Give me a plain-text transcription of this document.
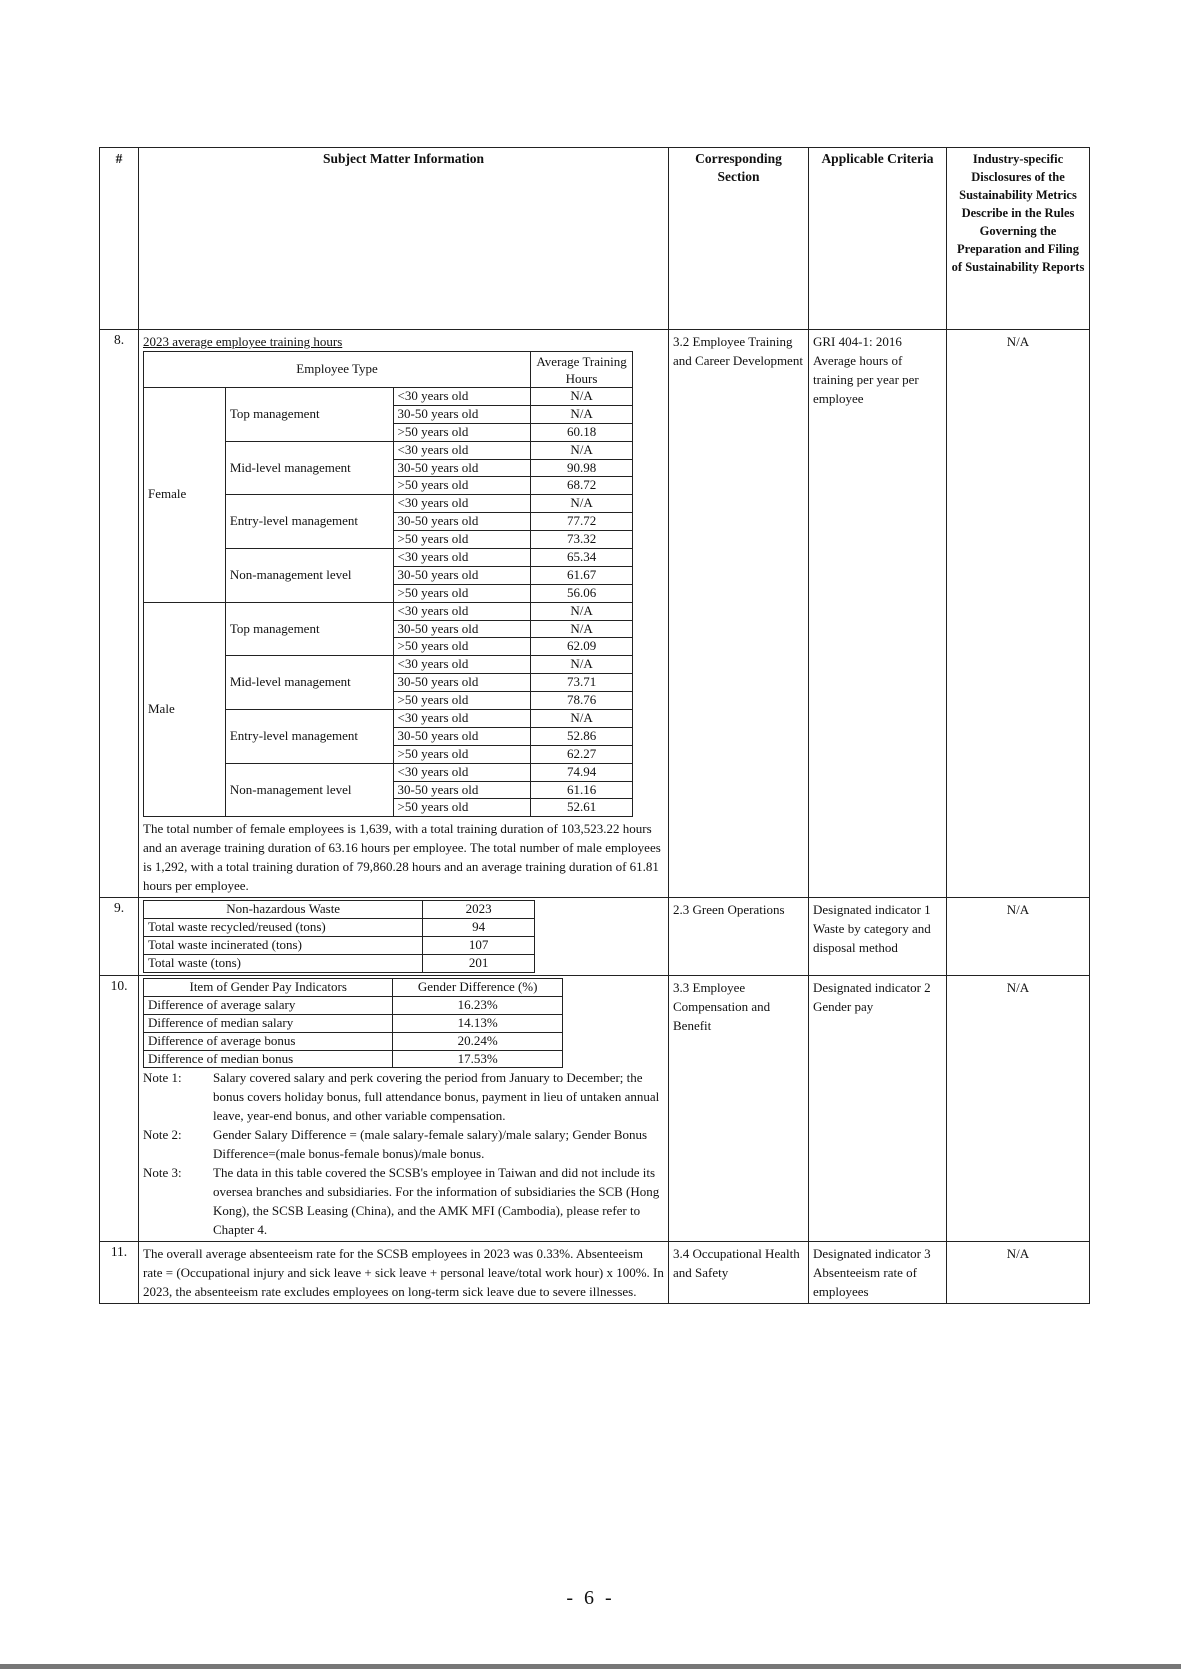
#	Subject Matter Information	Corresponding Section	Applicable Criteria	Industry-specific Disclosures of the Sustainability Metrics Describe in the Rules Governing the Preparation and Filing of Sustainability Reports
8.	2023 average employee training hours
Employee Type	Average Training Hours
Female	Top management	<30 years old	N/A
30-50 years old	N/A
>50 years old	60.18
Mid-level management	<30 years old	N/A
30-50 years old	90.98
>50 years old	68.72
Entry-level management	<30 years old	N/A
30-50 years old	77.72
>50 years old	73.32
Non-management level	<30 years old	65.34
30-50 years old	61.67
>50 years old	56.06
Male	Top management	<30 years old	N/A
30-50 years old	N/A
>50 years old	62.09
Mid-level management	<30 years old	N/A
30-50 years old	73.71
>50 years old	78.76
Entry-level management	<30 years old	N/A
30-50 years old	52.86
>50 years old	62.27
Non-management level	<30 years old	74.94
30-50 years old	61.16
>50 years old	52.61
The total number of female employees is 1,639, with a total training duration of 103,523.22 hours and an average training duration of 63.16 hours per employee. The total number of male employees is 1,292, with a total training duration of 79,860.28 hours and an average training duration of 61.81 hours per employee.
	3.2 Employee Training and Career Development	GRI 404-1: 2016 Average hours of training per year per employee	N/A
9.		Non-hazardous Waste	2023
Total waste recycled/reused (tons)	94
Total waste incinerated (tons)	107
Total waste (tons)	201
	2.3 Green Operations	Designated indicator 1 Waste by category and disposal method	N/A
10.		Item of Gender Pay Indicators	Gender Difference (%)
Difference of average salary	16.23%
Difference of median salary	14.13%
Difference of average bonus	20.24%
Difference of median bonus	17.53%
Note 1:	Salary covered salary and perk covering the period from January to December; the bonus covers holiday bonus, full attendance bonus, payment in lieu of untaken annual leave, year-end bonus, and other variable compensation.
Note 2:	Gender Salary Difference = (male salary-female salary)/male salary; Gender Bonus Difference=(male bonus-female bonus)/male bonus.
Note 3:	The data in this table covered the SCSB's employee in Taiwan and did not include its oversea branches and subsidiaries. For the information of subsidiaries the SCB (Hong Kong), the SCSB Leasing (China), and the AMK MFI (Cambodia), please refer to Chapter 4.
	3.3 Employee Compensation and Benefit	Designated indicator 2 Gender pay	N/A
11.	The overall average absenteeism rate for the SCSB employees in 2023 was 0.33%. Absenteeism rate = (Occupational injury and sick leave + sick leave + personal leave/total work hour) x 100%. In 2023, the absenteeism rate excludes employees on long-term sick leave due to severe illnesses.	3.4 Occupational Health and Safety	Designated indicator 3 Absenteeism rate of employees	N/A
- 6 -
